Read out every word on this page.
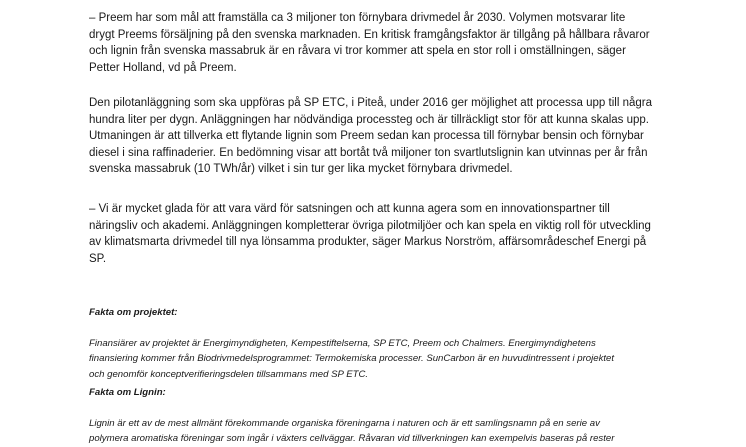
– Preem har som mål att framställa ca 3 miljoner ton förnybara drivmedel år 2030. Volymen motsvarar lite
drygt Preems försäljning på den svenska marknaden. En kritisk framgångsfaktor är tillgång på hållbara råvaror
och lignin från svenska massabruk är en råvara vi tror kommer att spela en stor roll i omställningen, säger
Petter Holland, vd på Preem.

Den pilotanläggning som ska uppföras på SP ETC, i Piteå, under 2016 ger möjlighet att processa upp till några
hundra liter per dygn. Anläggningen har nödvändiga processteg och är tillräckligt stor för att kunna skalas upp.
Utmaningen är att tillverka ett flytande lignin som Preem sedan kan processa till förnybar bensin och förnybar
diesel i sina raffinaderier. En bedömning visar att bortåt två miljoner ton svartlutslignin kan utvinnas per år från
svenska massabruk (10 TWh/år) vilket i sin tur ger lika mycket förnybara drivmedel.

– Vi är mycket glada för att vara värd för satsningen och att kunna agera som en innovationspartner till
näringsliv och akademi. Anläggningen kompletterar övriga pilotmiljöer och kan spela en viktig roll för utveckling
av klimatsmarta drivmedel till nya lönsamma produkter, säger Markus Norström, affärsområdeschef Energi på
SP.

Fakta om projektet:

Finansiärer av projektet är Energimyndigheten, Kempestiftelserna, SP ETC, Preem och Chalmers. Energimyndighetens
finansiering kommer från Biodrivmedelsprogrammet: Termokemiska processer. SunCarbon är en huvudintressent i projektet
och genomför konceptverifieringsdelen tillsammans med SP ETC.

Fakta om Lignin:

Lignin är ett av de mest allmänt förekommande organiska föreningarna i naturen och är ett samlingsnamn på en serie av
polymera aromatiska föreningar som ingår i växters cellväggar. Råvaran vid tillverkningen kan exempelvis baseras på rester
